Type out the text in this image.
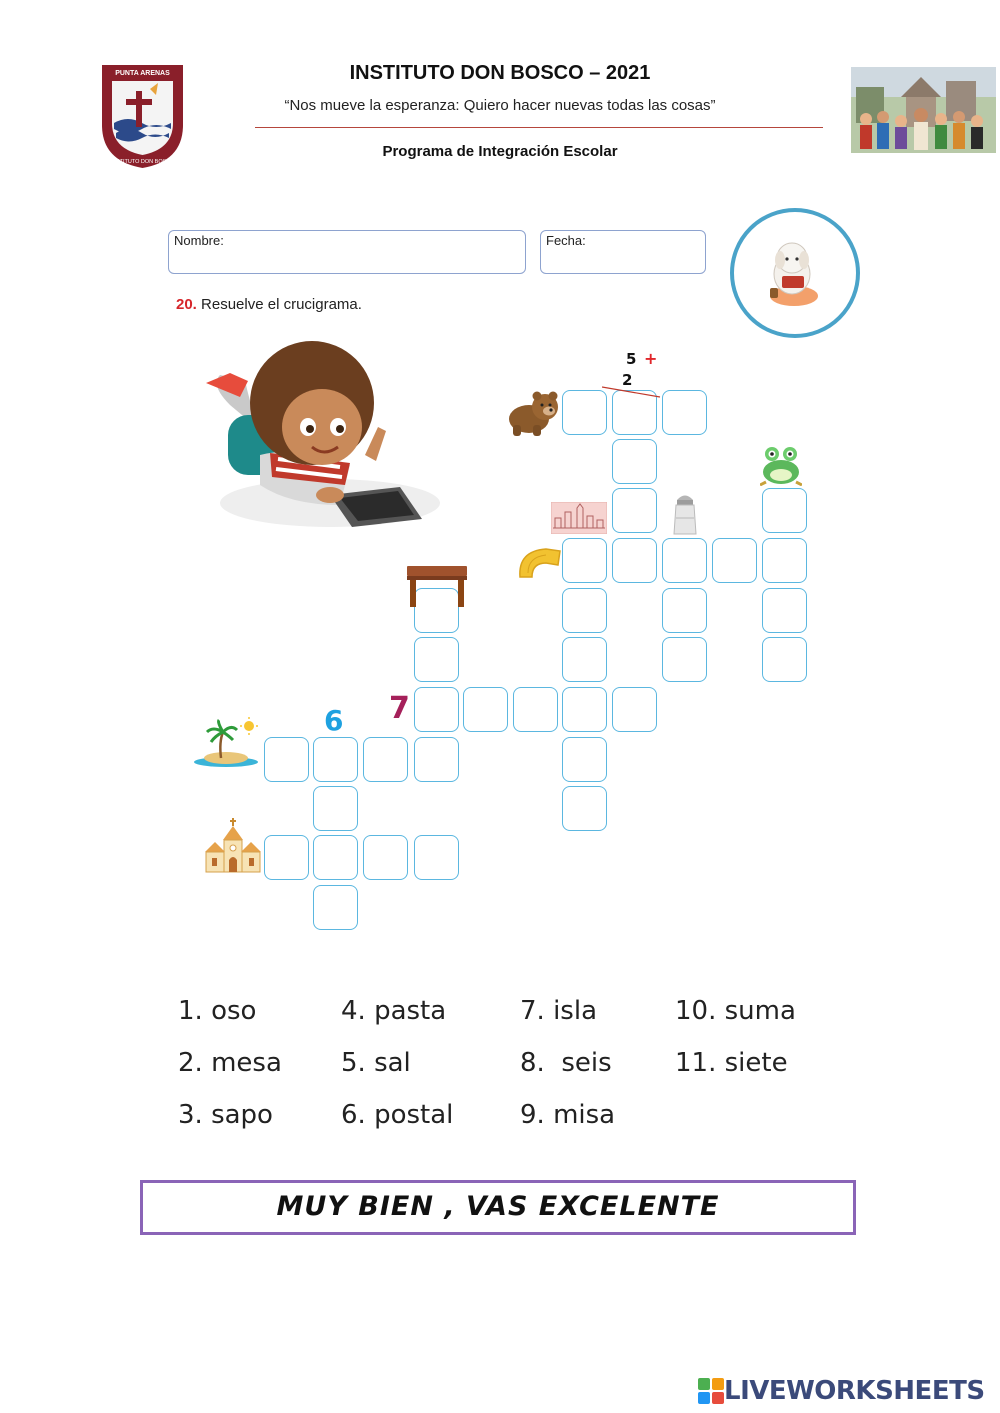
PUNTA ARENAS
INSTITUTO DON BOSCO
INSTITUTO DON BOSCO – 2021
“Nos mueve la esperanza: Quiero hacer nuevas todas las cosas”
Programa de Integración Escolar
Nombre:	Fecha:
20. Resuelve el crucigrama.
5 +
2
6 7
1. oso	4. pasta	7. isla	10. suma
2. mesa 5. sal	8.  seis 11. siete
3. sapo	6. postal	9. misa
MUY BIEN , VAS EXCELENTE
LIVEWORKSHEETS
